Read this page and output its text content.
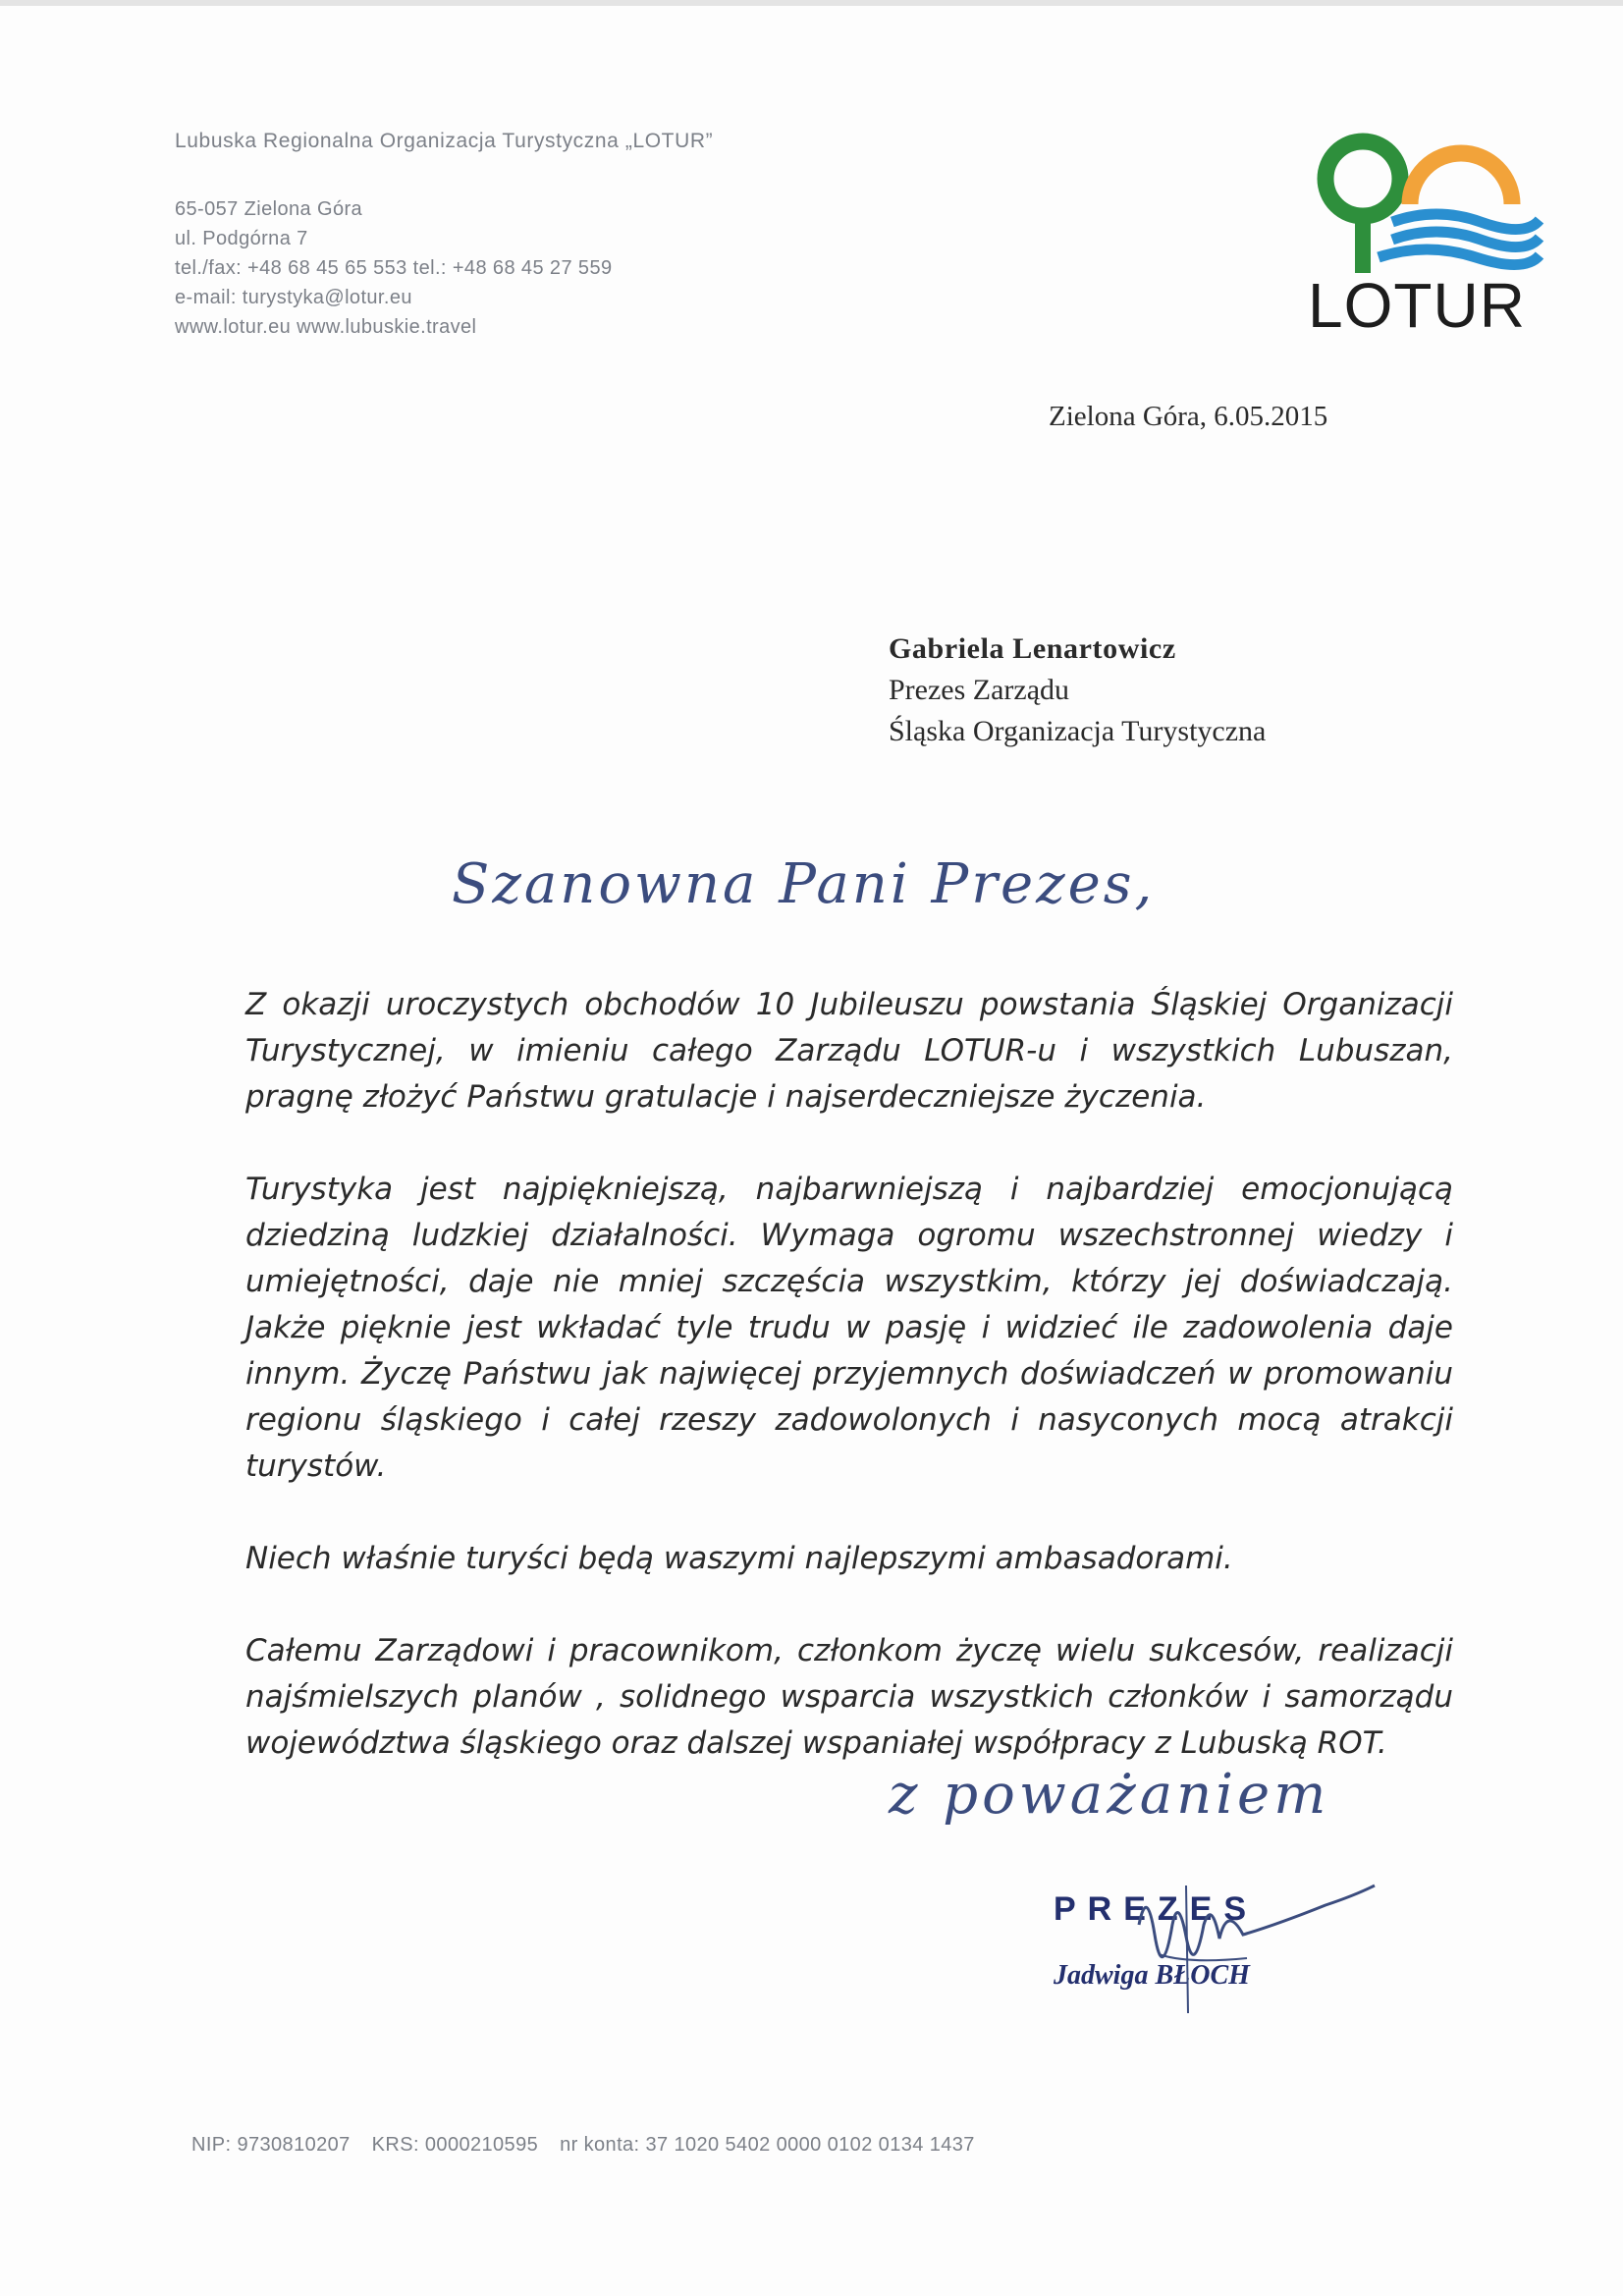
Lubuska Regionalna Organizacja Turystyczna „LOTUR”
65-057 Zielona Góra
ul. Podgórna 7
tel./fax: +48 68 45 65 553 tel.: +48 68 45 27 559
e-mail: turystyka@lotur.eu
www.lotur.eu www.lubuskie.travel	LOTUR
Zielona Góra, 6.05.2015
Gabriela Lenartowicz
Prezes Zarządu
Śląska Organizacja Turystyczna
Szanowna Pani Prezes,

Z okazji uroczystych obchodów 10 Jubileuszu powstania Śląskiej Organizacji Turystycznej, w imieniu całego Zarządu LOTUR-u i wszystkich Lubuszan, pragnę złożyć Państwu gratulacje i najserdeczniejsze życzenia.

Turystyka jest najpiękniejszą, najbarwniejszą i najbardziej emocjonującą dziedziną ludzkiej działalności. Wymaga ogromu wszechstronnej wiedzy i umiejętności, daje nie mniej szczęścia wszystkim, którzy jej doświadczają. Jakże pięknie jest wkładać tyle trudu w pasję i widzieć ile zadowolenia daje innym. Życzę Państwu jak najwięcej przyjemnych doświadczeń w promowaniu regionu śląskiego i całej rzeszy zadowolonych i nasyconych mocą atrakcji turystów.

Niech właśnie turyści będą waszymi najlepszymi ambasadorami.

Całemu Zarządowi i pracownikom, członkom życzę wielu sukcesów, realizacji najśmielszych planów , solidnego wsparcia wszystkich członków i samorządu województwa śląskiego oraz dalszej wspaniałej współpracy z Lubuską ROT.

z poważaniem
PREZES
Jadwiga BŁOCH
NIP: 9730810207 KRS: 0000210595 nr konta: 37 1020 5402 0000 0102 0134 1437
